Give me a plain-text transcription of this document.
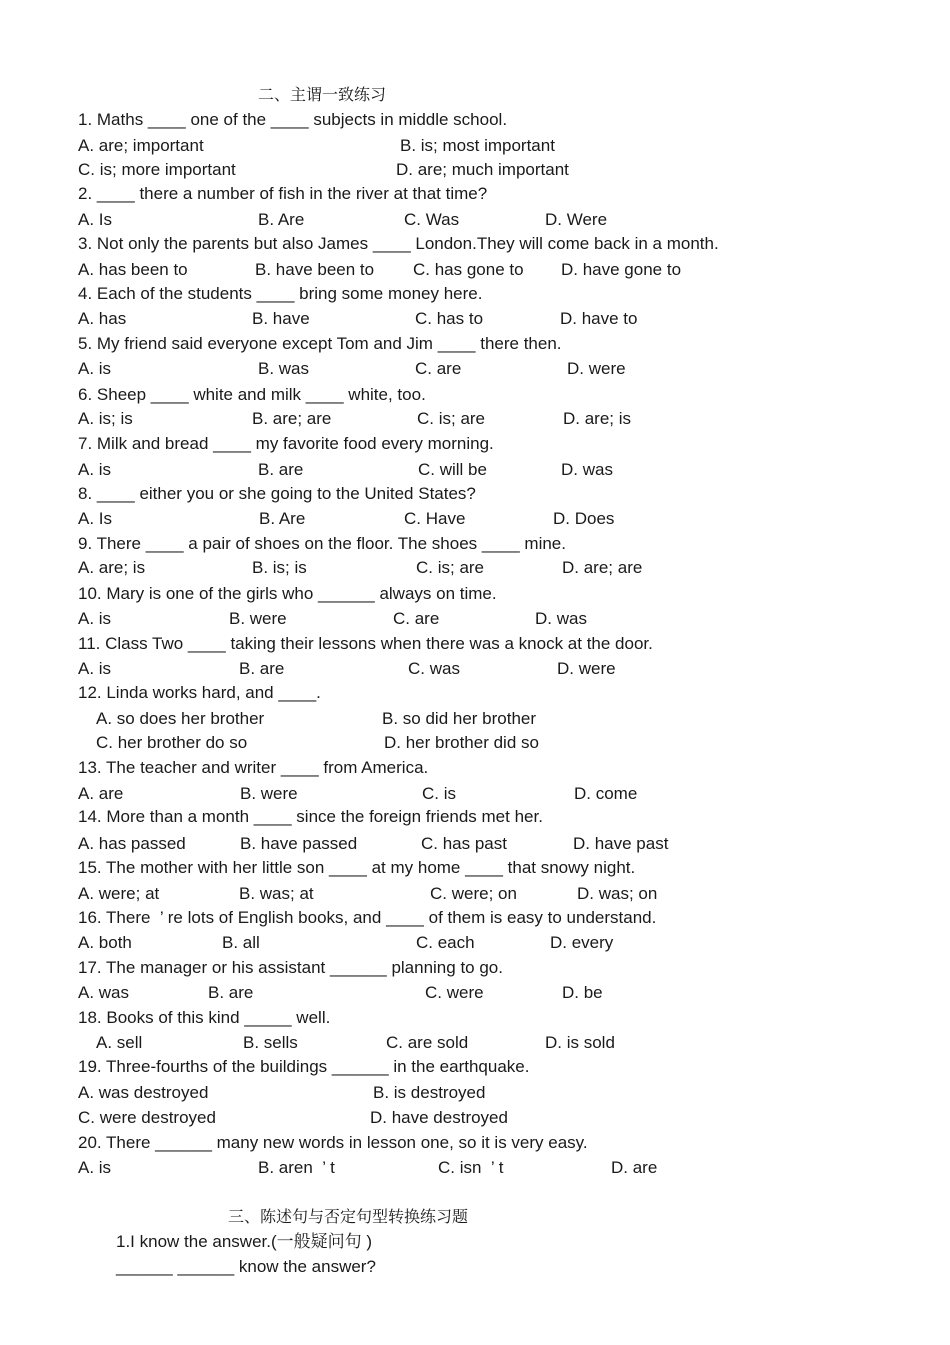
二、主谓一致练习
1. Maths ____ one of the ____ subjects in middle school.
A. are; important	B. is; most important
C. is; more important	D. are; much important
2. ____ there a number of fish in the river at that time?
A. Is	B. Are	C. Was	D. Were
3. Not only the parents but also James ____ London.They will come back in a month.
A. has been to	B. have been to C. has gone to D. have gone to
4. Each of the students ____ bring some money here.
A. has	B. have	C. has to	D. have to
5. My friend said everyone except Tom and Jim ____ there then.
A. is	B. was	C. are	D. were
6. Sheep ____ white and milk ____ white, too.
A. is; is	B. are; are	C. is; are	D. are; is
7. Milk and bread ____ my favorite food every morning.
A. is	B. are	C. will be	D. was
8. ____ either you or she going to the United States?
A. Is	B. Are	C. Have	D. Does
9. There ____ a pair of shoes on the floor. The shoes ____ mine.
A. are; is	B. is; is	C. is; are	D. are; are
10. Mary is one of the girls who ______ always on time.
A. is	B. were	C. are	D. was
11. Class Two ____ taking their lessons when there was a knock at the door.
A. is	B. are	C. was	D. were
12. Linda works hard, and ____.
A. so does her brother	B. so did her brother
C. her brother do so	D. her brother did so
13. The teacher and writer ____ from America.
A. are	B. were	C. is	D. come
14. More than a month ____ since the foreign friends met her.
A. has passed	B. have passed	C. has past	D. have past
15. The mother with her little son ____ at my home ____ that snowy night.
A. were; at	B. was; at	C. were; on	D. was; on
16. There  ’ re lots of English books, and ____ of them is easy to understand.
A. both	B. all	C. each	D. every
17. The manager or his assistant ______ planning to go.
A. was	B. are	C. were	D. be
18. Books of this kind _____ well.
A. sell	B. sells	C. are sold	D. is sold
19. Three-fourths of the buildings ______ in the earthquake.
A. was destroyed	B. is destroyed
C. were destroyed	D. have destroyed
20. There ______ many new words in lesson one, so it is very easy.
A. is	B. aren  ’ t	C. isn  ’ t	D. are
三、陈述句与否定句型转换练习题
1.I know the answer.(一般疑问句 )
______ ______ know the answer?
